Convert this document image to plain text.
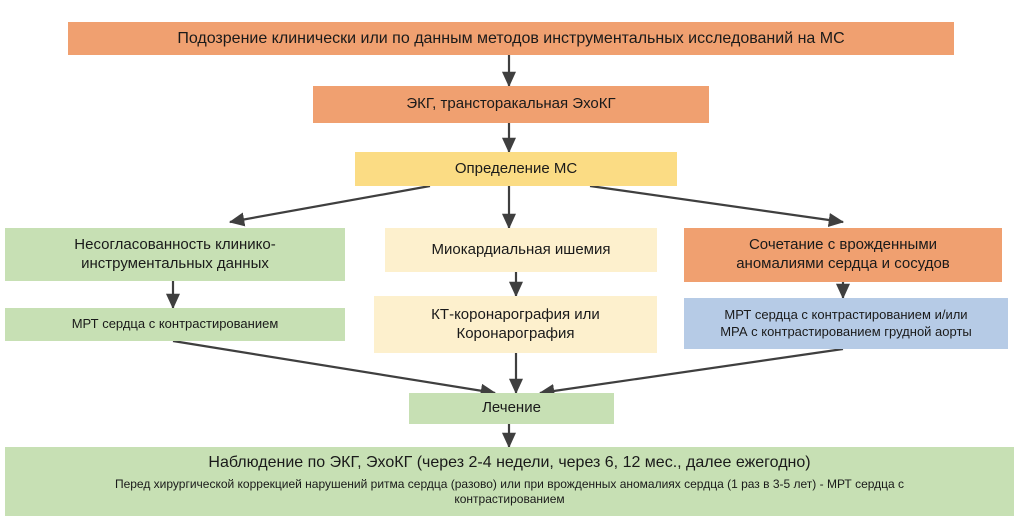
Подозрение клинически или по данным методов инструментальных исследований на МС
ЭКГ, трансторакальная ЭхоКГ
Определение МС
Несогласованность клинико-
инструментальных данных
Миокардиальная ишемия	Сочетание с врожденными
аномалиями сердца и сосудов
МРТ сердца с контрастированием
КТ-коронарография или
Коронарография
МРТ сердца с контрастированием и/или
МРА с контрастированием грудной аорты
Лечение
Наблюдение по ЭКГ, ЭхоКГ (через 2-4 недели, через 6, 12 мес., далее ежегодно)
Перед хирургической коррекцией нарушений ритма сердца (разово) или при врожденных аномалиях сердца (1 раз в 3-5 лет) - МРТ сердца с
контрастированием
